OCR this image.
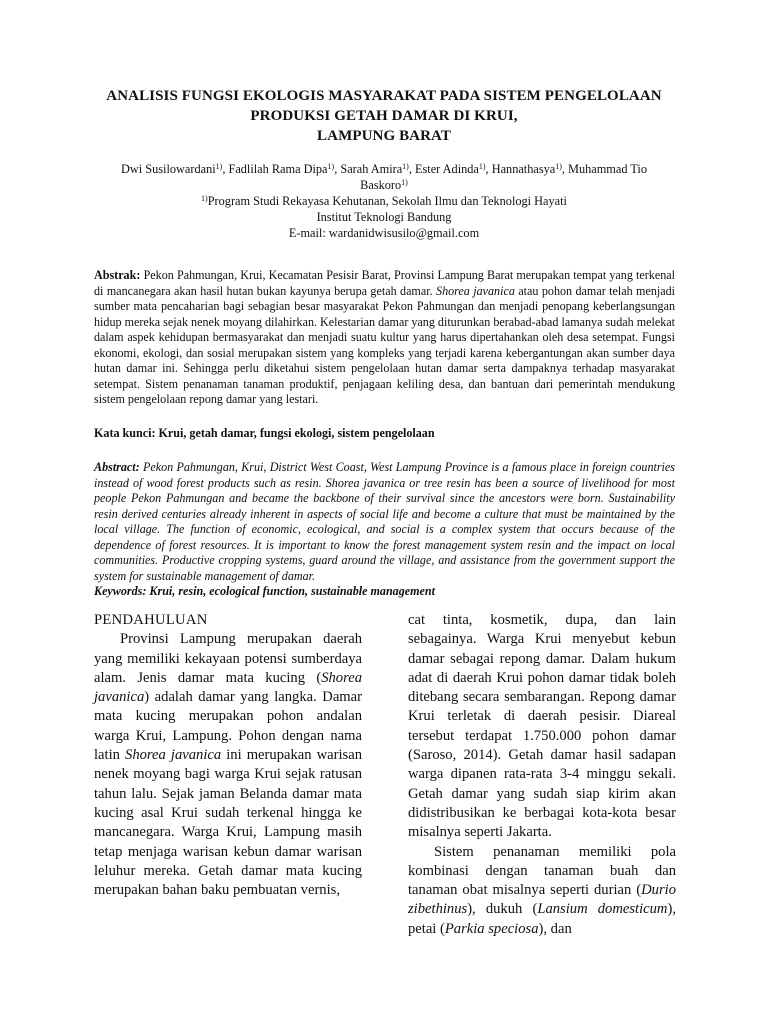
ANALISIS FUNGSI EKOLOGIS MASYARAKAT PADA SISTEM PENGELOLAAN
PRODUKSI GETAH DAMAR DI KRUI,
LAMPUNG BARAT
Dwi Susilowardani$^{1)}$, Fadlilah Rama Dipa$^{1)}$, Sarah Amira$^{1)}$, Ester Adinda$^{1)}$, Hannathasya$^{1)}$, Muhammad Tio
Baskoro$^{1)}$
$^{1)}$Program Studi Rekayasa Kehutanan, Sekolah Ilmu dan Teknologi Hayati
Institut Teknologi Bandung
E-mail: wardanidwisusilo@gmail.com

Abstrak: Pekon Pahmungan, Krui, Kecamatan Pesisir Barat, Provinsi Lampung Barat merupakan tempat yang terkenal di mancanegara akan hasil hutan bukan kayunya berupa getah damar. Shorea javanica atau pohon damar telah menjadi sumber mata pencaharian bagi sebagian besar masyarakat Pekon Pahmungan dan menjadi penopang keberlangsungan hidup mereka sejak nenek moyang dilahirkan. Kelestarian damar yang diturunkan berabad-abad lamanya sudah melekat dalam aspek kehidupan bermasyarakat dan menjadi suatu kultur yang harus dipertahankan oleh desa setempat. Fungsi ekonomi, ekologi, dan sosial merupakan sistem yang kompleks yang terjadi karena kebergantungan akan sumber daya hutan damar ini. Sehingga perlu diketahui sistem pengelolaan hutan damar serta dampaknya terhadap masyarakat setempat. Sistem penanaman tanaman produktif, penjagaan keliling desa, dan bantuan dari pemerintah mendukung sistem pengelolaan repong damar yang lestari.

Kata kunci: Krui, getah damar, fungsi ekologi, sistem pengelolaan

Abstract: Pekon Pahmungan, Krui, District West Coast, West Lampung Province is a famous place in foreign countries instead of wood forest products such as resin. Shorea javanica or tree resin has been a source of livelihood for most people Pekon Pahmungan and became the backbone of their survival since the ancestors were born. Sustainability resin derived centuries already inherent in aspects of social life and become a culture that must be maintained by the local village. The function of economic, ecological, and social is a complex system that occurs because of the dependence of forest resources. It is important to know the forest management system resin and the impact on local communities. Productive cropping systems, guard around the village, and assistance from the government support the system for sustainable management of damar.

Keywords: Krui, resin, ecological function, sustainable management

PENDAHULUAN

Provinsi Lampung merupakan daerah yang memiliki kekayaan potensi sumberdaya alam. Jenis damar mata kucing (Shorea javanica) adalah damar yang langka. Damar mata kucing merupakan pohon andalan warga Krui, Lampung. Pohon dengan nama latin Shorea javanica ini merupakan warisan nenek moyang bagi warga Krui sejak ratusan tahun lalu. Sejak jaman Belanda damar mata kucing asal Krui sudah terkenal hingga ke mancanegara. Warga Krui, Lampung masih tetap menjaga warisan kebun damar warisan leluhur mereka. Getah damar mata kucing merupakan bahan baku pembuatan vernis,

cat tinta, kosmetik, dupa, dan lain sebagainya. Warga Krui menyebut kebun damar sebagai repong damar. Dalam hukum adat di daerah Krui pohon damar tidak boleh ditebang secara sembarangan. Repong damar Krui terletak di daerah pesisir. Diareal tersebut terdapat 1.750.000 pohon damar (Saroso, 2014). Getah damar hasil sadapan warga dipanen rata-rata 3-4 minggu sekali. Getah damar yang sudah siap kirim akan didistribusikan ke berbagai kota-kota besar misalnya seperti Jakarta.

Sistem penanaman memiliki pola kombinasi dengan tanaman buah dan tanaman obat misalnya seperti durian (Durio zibethinus), dukuh (Lansium domesticum), petai (Parkia speciosa), dan
